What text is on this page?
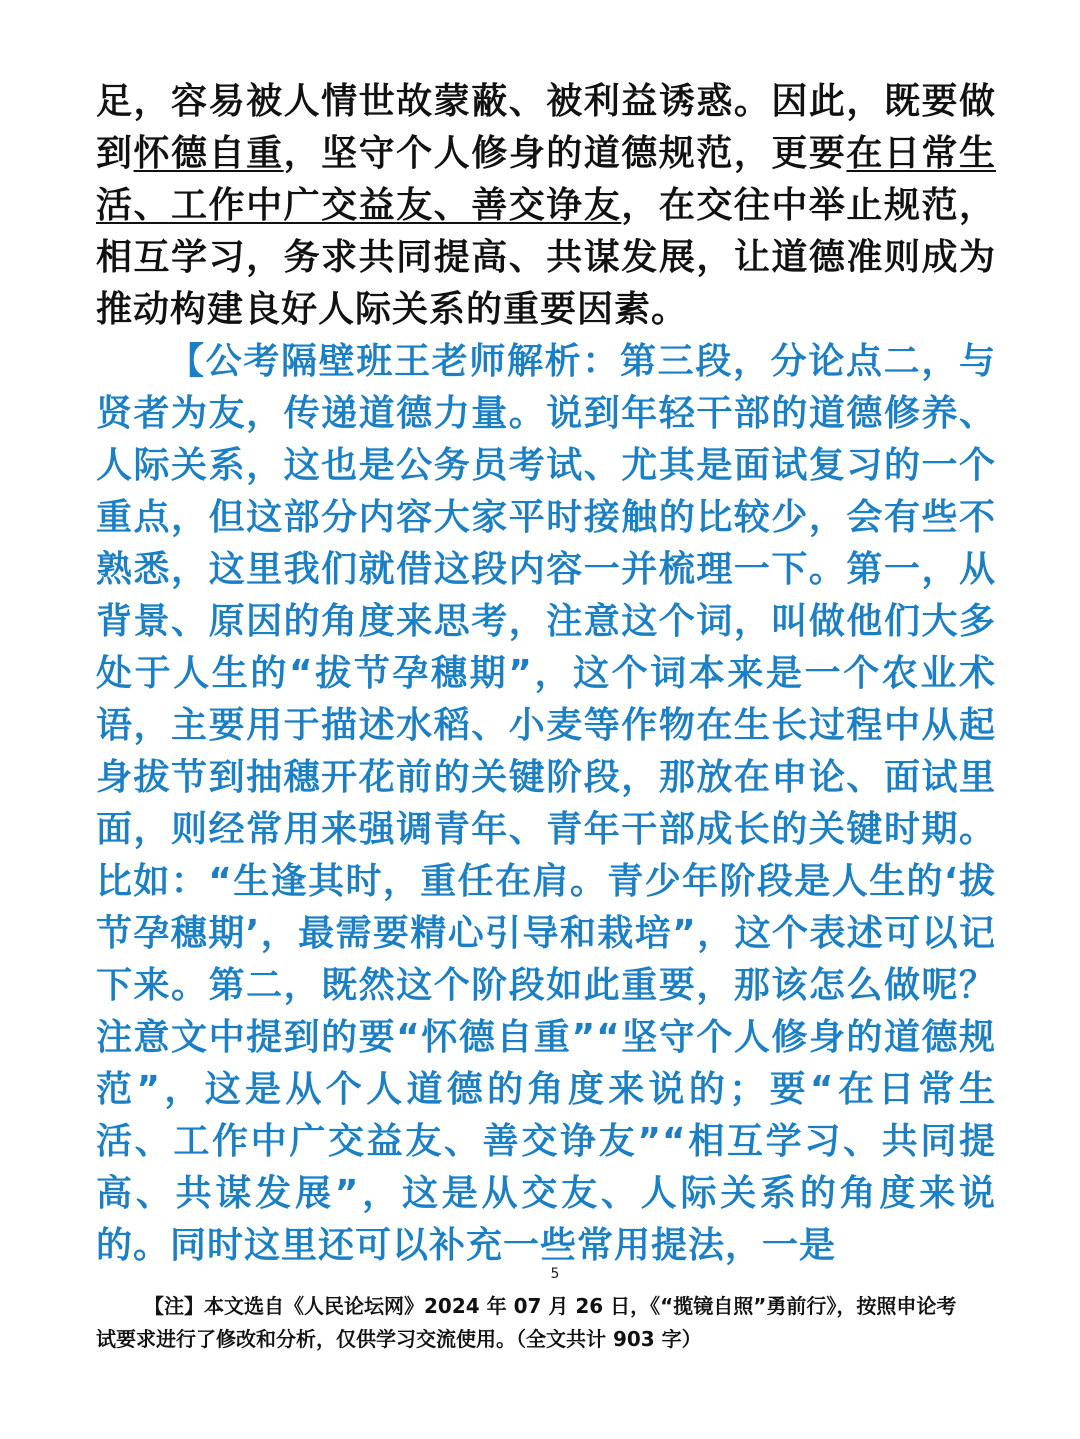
足，容易被人情世故蒙蔽、被利益诱惑。因此，既要做到怀德自重，坚守个人修身的道德规范，更要在日常生活、工作中广交益友、善交诤友，在交往中举止规范，相互学习，务求共同提高、共谋发展，让道德准则成为推动构建良好人际关系的重要因素。
【公考隔壁班王老师解析：第三段，分论点二，与贤者为友，传递道德力量。说到年轻干部的道德修养、人际关系，这也是公务员考试、尤其是面试复习的一个重点，但这部分内容大家平时接触的比较少，会有些不熟悉，这里我们就借这段内容一并梳理一下。第一，从背景、原因的角度来思考，注意这个词，叫做他们大多处于人生的“拔节孕穗期”，这个词本来是一个农业术语，主要用于描述水稻、小麦等作物在生长过程中从起身拔节到抽穗开花前的关键阶段，那放在申论、面试里面，则经常用来强调青年、青年干部成长的关键时期。比如：“生逢其时，重任在肩。青少年阶段是人生的‘拔节孕穗期’，最需要精心引导和栽培”，这个表述可以记下来。第二，既然这个阶段如此重要，那该怎么做呢？注意文中提到的要“怀德自重”“坚守个人修身的道德规范”，这是从个人道德的角度来说的；要“在日常生活、工作中广交益友、善交诤友”“相互学习、共同提高、共谋发展”，这是从交友、人际关系的角度来说的。同时这里还可以补充一些常用提法，一是
5
【注】本文选自《人民论坛网》2024 年 07 月 26 日，《“揽镜自照”勇前行》，按照申论考试要求进行了修改和分析，仅供学习交流使用。（全文共计 903 字）
